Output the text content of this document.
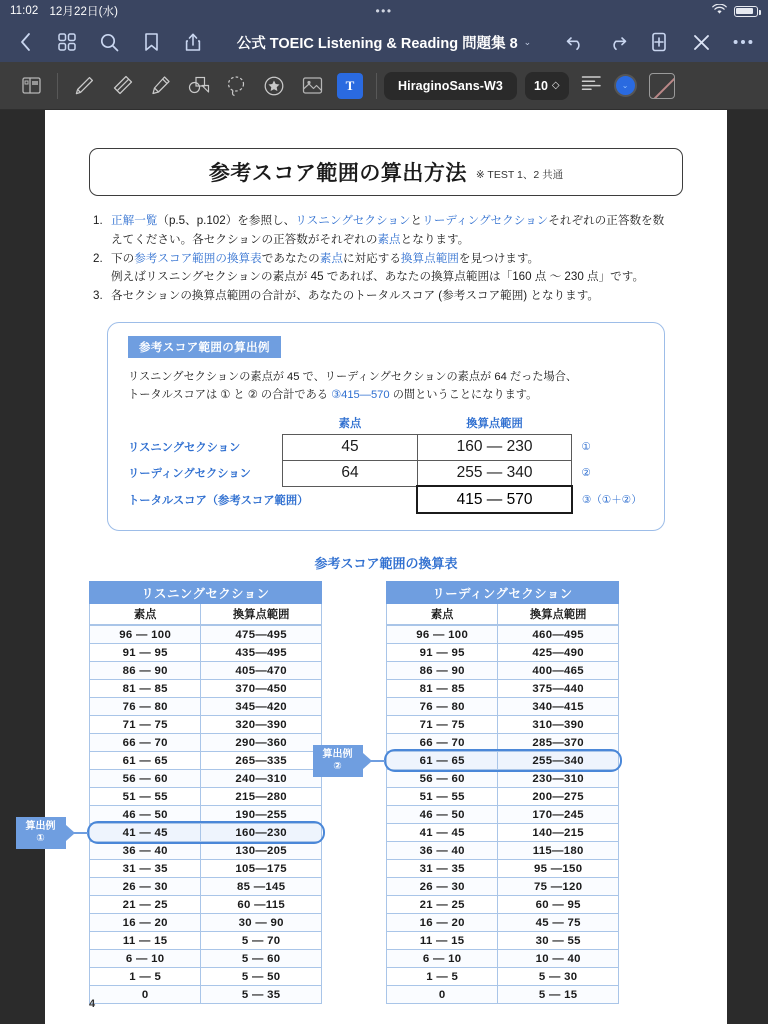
11:02 12月22日(水)	•••
公式 TOEIC Listening & Reading 問題集 8 ⌄
T	HiraginoSans-W3	10 ◇	⌄
参考スコア範囲の算出方法 ※ TEST 1、2 共通
1. 正解一覧（p.5、p.102）を参照し、リスニングセクションとリーディングセクションそれぞれの正答数を数
えてください。各セクションの正答数がそれぞれの素点となります。
2. 下の参考スコア範囲の換算表であなたの素点に対応する換算点範囲を見つけます。
例えばリスニングセクションの素点が 45 であれば、あなたの換算点範囲は「160 点 〜 230 点」です。
3. 各セクションの換算点範囲の合計が、あなたのトータルスコア (参考スコア範囲) となります。
参考スコア範囲の算出例
リスニングセクションの素点が 45 で、リーディングセクションの素点が 64 だった場合、
トータルスコアは ① と ② の合計である ③415—570 の間ということになります。
	素点	換算点範囲	
リスニングセクション	45	160 — 230	①
リーディングセクション	64	255 — 340	②
トータルスコア（参考スコア範囲）		415 — 570	③（①＋②）
参考スコア範囲の換算表
リスニングセクション
素点	換算点範囲
96 — 100	475—495
91 — 95	435—495
86 — 90	405—470
81 — 85	370—450
76 — 80	345—420
71 — 75	320—390
66 — 70	290—360
61 — 65	265—335
56 — 60	240—310
51 — 55	215—280
46 — 50	190—255
41 — 45	160—230
36 — 40	130—205
31 — 35	105—175
26 — 30	85 —145
21 — 25	60 —115
16 — 20	30 — 90
11 — 15	5 — 70
6 — 10	5 — 60
1 — 5	5 — 50
0	5 — 35
リーディングセクション
素点	換算点範囲
96 — 100	460—495
91 — 95	425—490
86 — 90	400—465
81 — 85	375—440
76 — 80	340—415
71 — 75	310—390
66 — 70	285—370
61 — 65	255—340
56 — 60	230—310
51 — 55	200—275
46 — 50	170—245
41 — 45	140—215
36 — 40	115—180
31 — 35	95 —150
26 — 30	75 —120
21 — 25	60 — 95
16 — 20	45 — 75
11 — 15	30 — 55
6 — 10	10 — 40
1 — 5	5 — 30
0	5 — 15
算出例
①
算出例
②
4
